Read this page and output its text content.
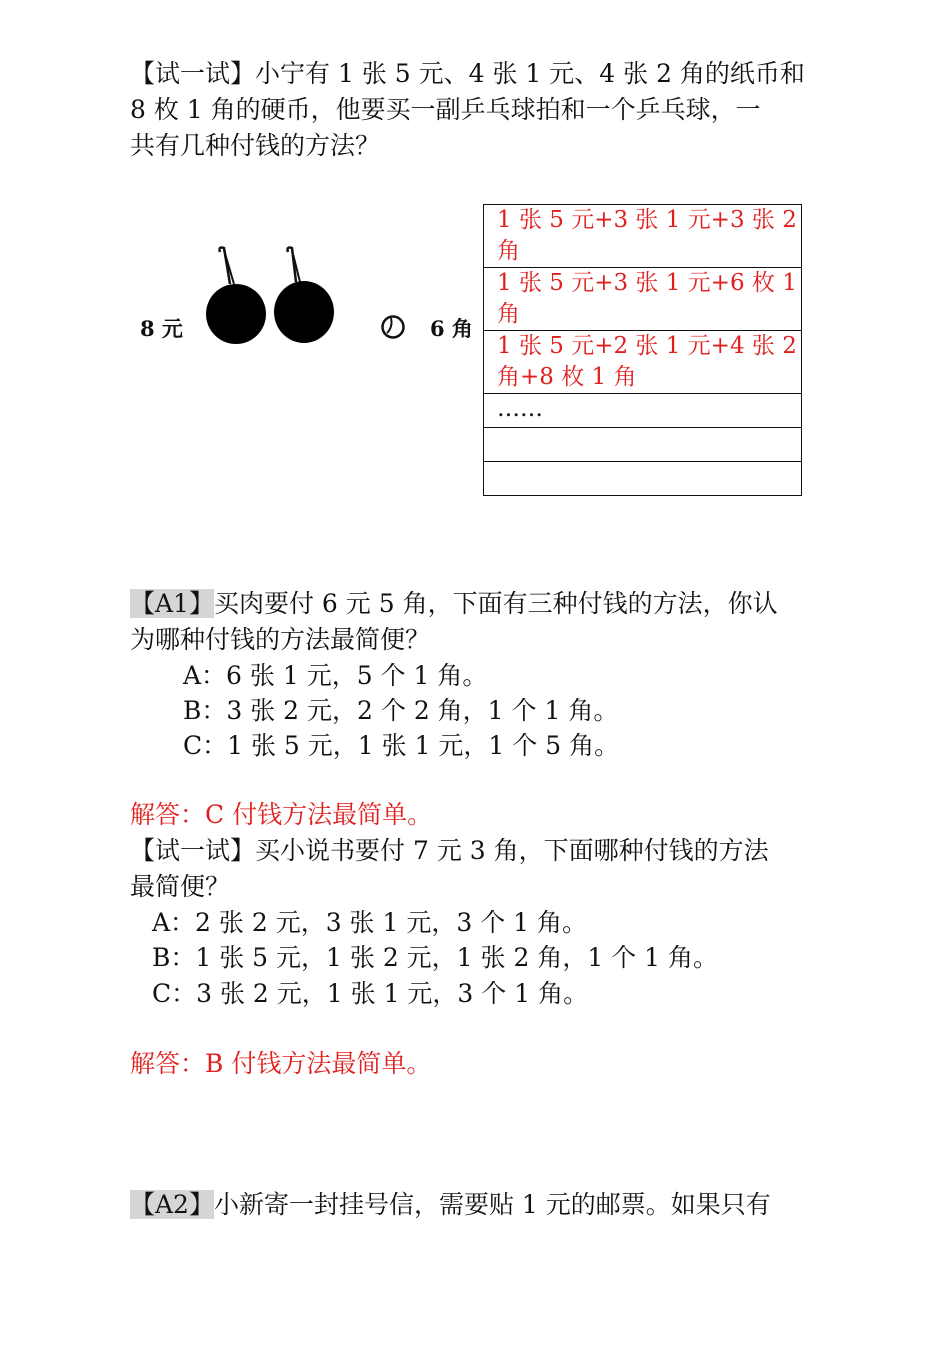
【试一试】小宁有 1 张 5 元、4 张 1 元、4 张 2 角的纸币和
8 枚 1 角的硬币，他要买一副乒乓球拍和一个乒乓球，一
共有几种付钱的方法？
8 元	6 角
1 张 5 元+3 张 1 元+3 张 2 角
1 张 5 元+3 张 1 元+6 枚 1 角
1 张 5 元+2 张 1 元+4 张 2 角+8 枚 1 角
……

【A1】买肉要付 6 元 5 角，下面有三种付钱的方法，你认
为哪种付钱的方法最简便？
A：6 张 1 元，5 个 1 角。
B：3 张 2 元，2 个 2 角，1 个 1 角。
C：1 张 5 元，1 张 1 元，1 个 5 角。
解答：C 付钱方法最简单。
【试一试】买小说书要付 7 元 3 角，下面哪种付钱的方法
最简便？
A：2 张 2 元，3 张 1 元，3 个 1 角。
B：1 张 5 元，1 张 2 元，1 张 2 角，1 个 1 角。
C：3 张 2 元，1 张 1 元，3 个 1 角。
解答：B 付钱方法最简单。
【A2】小新寄一封挂号信，需要贴 1 元的邮票。如果只有
